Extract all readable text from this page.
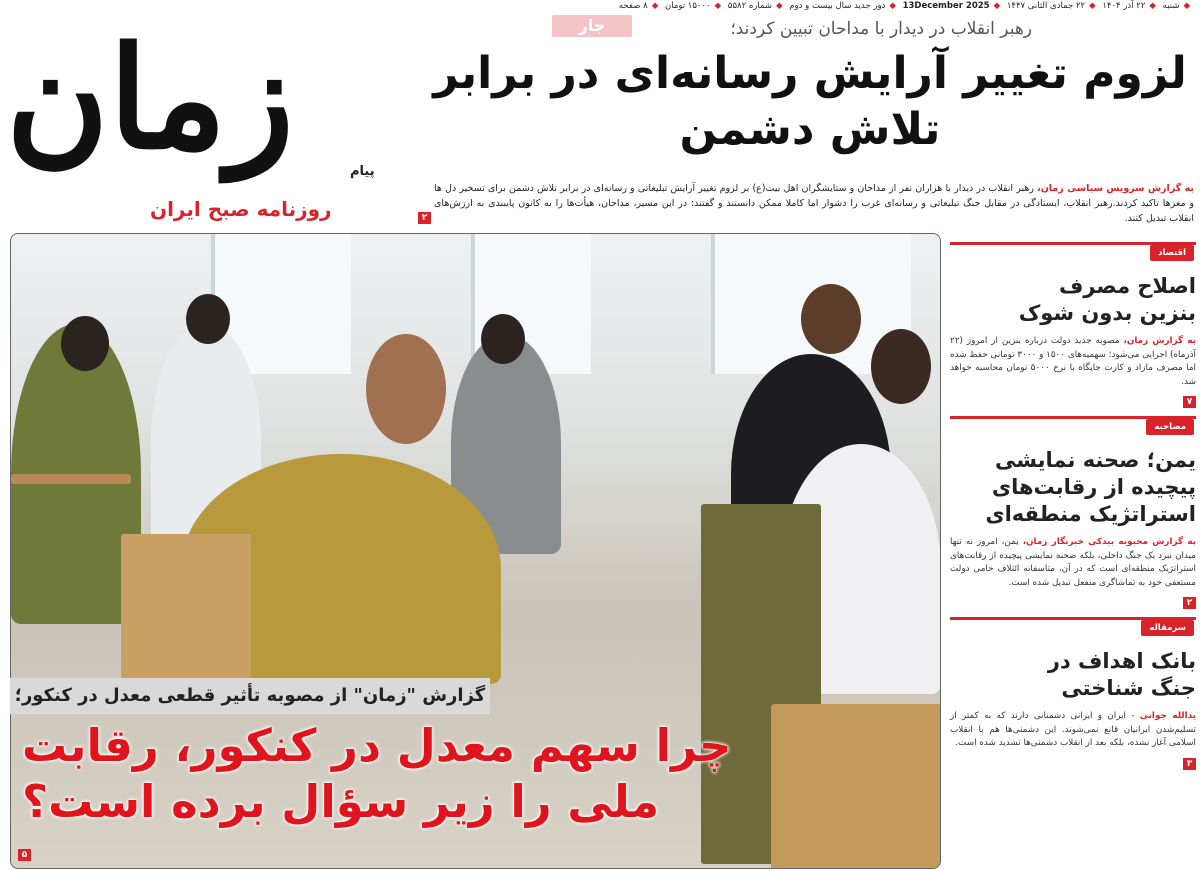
زمان	پیام
روزنامه صبح ایران
جار
◆شنبه ◆۲۲ آذر ۱۴۰۴ ◆۲۲ جمادی الثانی ۱۴۴۷ ◆13December 2025 ◆دور جدید سال بیست و دوم ◆شماره ۵۵۸۲ ◆۱۵۰۰۰ تومان ◆۸ صفحه
رهبر انقلاب در دیدار با مداحان تبیین کردند؛
لزوم تغییر آرایش رسانه‌ای در برابر
تلاش دشمن
به گزارش سرویس سیاسی زمان، رهبر انقلاب در دیدار با هزاران نفر از مداحان و ستایشگران اهل بیت(ع) بر لزوم تغییر آرایش تبلیغاتی و رسانه‌ای در برابر تلاش دشمن برای تسخیر دل ها و مغزها تاکید کردند.رهبر انقلاب، ایستادگی در مقابل جنگ تبلیغاتی و رسانه‌ای غرب را دشوار اما کاملا ممکن دانستند و گفتند: در این مسیر، مداحان، هیأت‌ها را به کانون پایبندی به ارزش‌های انقلاب تبدیل کنند.
۲
گزارش "زمان" از مصوبه تأثیر قطعی معدل در کنکور؛
چرا سهم معدل در کنکور، رقابت
ملی را زیر سؤال برده است؟
۵
اقتصاد
اصلاح مصرف بنزین بدون شوک

به گزارش زمان، مصوبه جدید دولت درباره بنزین از امروز (۲۲ آذرماه) اجرایی می‌شود؛ سهمیه‌های ۱۵۰۰ و ۳۰۰۰ تومانی حفظ شده اما مصرف مازاد و کارت جایگاه با نرخ ۵۰۰۰ تومان محاسبه خواهد شد.

۷
مصاحبه
یمن؛ صحنه نمایشی پیچیده از رقابت‌های استراتژیک منطقه‌ای

به گزارش محبوبه بیدکی خبرنگار زمان، یمن، امروز نه تنها میدان نبرد یک جنگ داخلی، بلکه صحنه نمایشی پیچیده از رقابت‌های استراتژیک منطقه‌ای است که در آن، متاسفانه ائتلاف حامی دولت مستعفی خود به تماشاگری منفعل تبدیل شده است.

۲
سرمقاله
بانک اهداف در جنگ شناختی

یدالله جوانی - ایران و ایرانی دشمنانی دارند که به کمتر از تسلیم‌شدن ایرانیان قانع نمی‌شوند. این دشمنی‌ها هم با انقلاب اسلامی آغاز نشده، بلکه بعد از انقلاب دشمنی‌ها تشدید شده است.

۳
